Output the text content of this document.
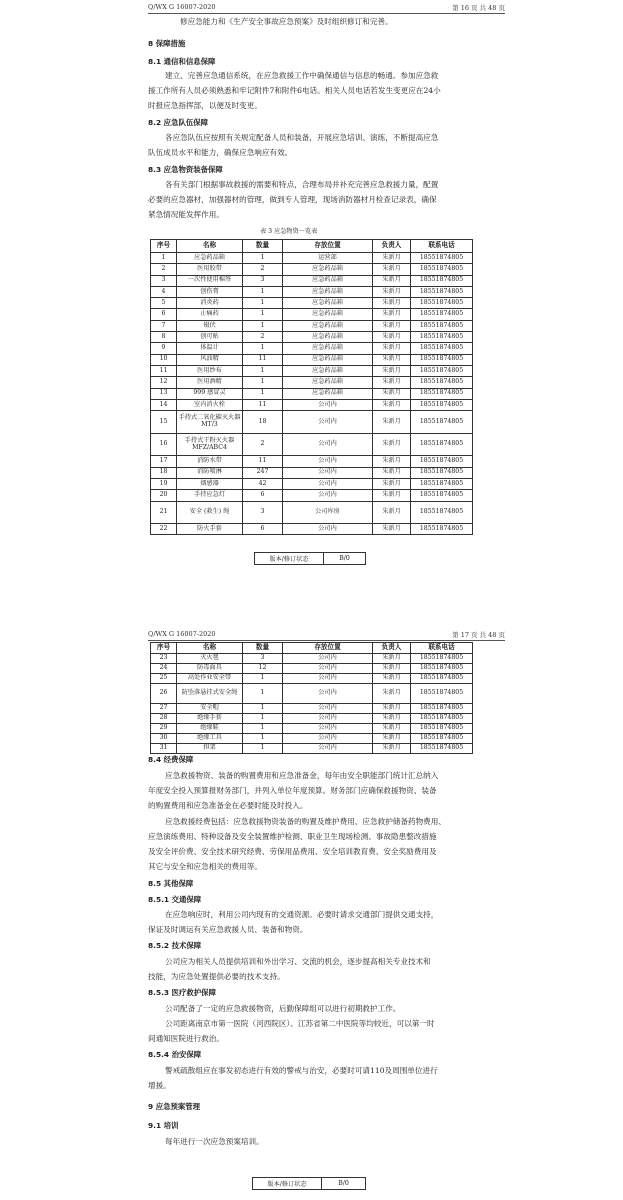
Q/WX G 16007-2020	第 16 页 共 48 页
修应急能力和《生产安全事故应急预案》及时组织修订和完善。
8 保障措施
8.1 通信和信息保障
建立、完善应急通信系统，在应急救援工作中确保通信与信息的畅通。参加应急救
援工作所有人员必须熟悉和牢记附件7和附件6电话。相关人员电话若发生变更应在24小
时报应急指挥部，以便及时变更。
8.2 应急队伍保障
各应急队伍应按照有关规定配备人员和装备，开展应急培训、演练，不断提高应急
队伍成员水平和能力，确保应急响应有效。
8.3 应急物资装备保障
各有关部门根据事故救援的需要和特点，合理布局并补充完善应急救援力量，配置
必要的应急器材，加强器材的管理，做到专人管理，现场消防器材月检查记录表，确保
紧急情况能发挥作用。
表 3 应急物资一览表
序号	名称	数量	存放位置	负责人	联系电话
1	应急药品箱	1	运营部	朱新月	18551874805
2	医用胶带	2	应急药品箱	朱新月	18551874805
3	一次性使用棉签	3	应急药品箱	朱新月	18551874805
4	创伤膏	1	应急药品箱	朱新月	18551874805
5	消炎药	1	应急药品箱	朱新月	18551874805
6	止痛药	1	应急药品箱	朱新月	18551874805
7	镊伏	1	应急药品箱	朱新月	18551874805
8	创可贴	2	应急药品箱	朱新月	18551874805
9	体温计	1	应急药品箱	朱新月	18551874805
10	风油精	11	应急药品箱	朱新月	18551874805
11	医用纱布	1	应急药品箱	朱新月	18551874805
12	医用酒精	1	应急药品箱	朱新月	18551874805
13	999 感冒灵	1	应急药品箱	朱新月	18551874805
14	室内消火栓	11	公司内	朱新月	18551874805
15	手持式二氧化碳灭火器 MT/3	18	公司内	朱新月	18551874805
16	手持式干粉灭火器 MFZ/ABC4	2	公司内	朱新月	18551874805
17	消防水带	11	公司内	朱新月	18551874805
18	消防喷淋	247	公司内	朱新月	18551874805
19	烟感器	42	公司内	朱新月	18551874805
20	手持应急灯	6	公司内	朱新月	18551874805
21	安全 (救生) 绳	3	公司库房	朱新月	18551874805
22	防火手套	6	公司内	朱新月	18551874805
版本/修订状态	B/0
Q/WX G 16007-2020	第 17 页 共 48 页
序号	名称	数量	存放位置	负责人	联系电话
23	灭火毯	3	公司内	朱新月	18551874805
24	防毒面具	12	公司内	朱新月	18551874805
25	高处作业安全带	1	公司内	朱新月	18551874805
26	防坠落悬挂式安全绳	1	公司内	朱新月	18551874805
27	安全帽	1	公司内	朱新月	18551874805
28	绝缘手套	1	公司内	朱新月	18551874805
29	绝缘鞋	1	公司内	朱新月	18551874805
30	绝缘工具	1	公司内	朱新月	18551874805
31	担架	1	公司内	朱新月	18551874805
8.4 经费保障
应急救援物资、装备的购置费用和应急准备金，每年由安全职能部门统计汇总纳入
年度安全投入预算报财务部门，并列入单位年度预算。财务部门应确保救援物资、装备
的购置费用和应急准备金在必要时能及时投入。
应急救援经费包括：应急救援物资装备的购置及维护费用、应急救护储备药物费用、
应急演练费用、特种设备及安全装置维护检测、职业卫生现场检测、事故隐患整改措施
及安全评价费、安全技术研究经费、劳保用品费用、安全培训教育费、安全奖励费用及
其它与安全和应急相关的费用等。
8.5 其他保障
8.5.1 交通保障
在应急响应时，利用公司内现有的交通资源。必要时请求交通部门提供交通支持，
保证及时调运有关应急救援人员、装备和物资。
8.5.2 技术保障
公司应为相关人员提供培训和外出学习、交流的机会，逐步提高相关专业技术和
技能，为应急处置提供必要的技术支持。
8.5.3 医疗救护保障
公司配备了一定的应急救援物资，后勤保障组可以进行初期救护工作。
公司距离南京市第一医院（河西院区）、江苏省第二中医院等均较近，可以第一时
间通知医院进行救治。
8.5.4 治安保障
警戒疏散组应在事发初态进行有效的警戒与治安，必要时可请110及周围单位进行
增援。
9 应急预案管理
9.1 培训
每年进行一次应急预案培训。
版本/修订状态	B/0
